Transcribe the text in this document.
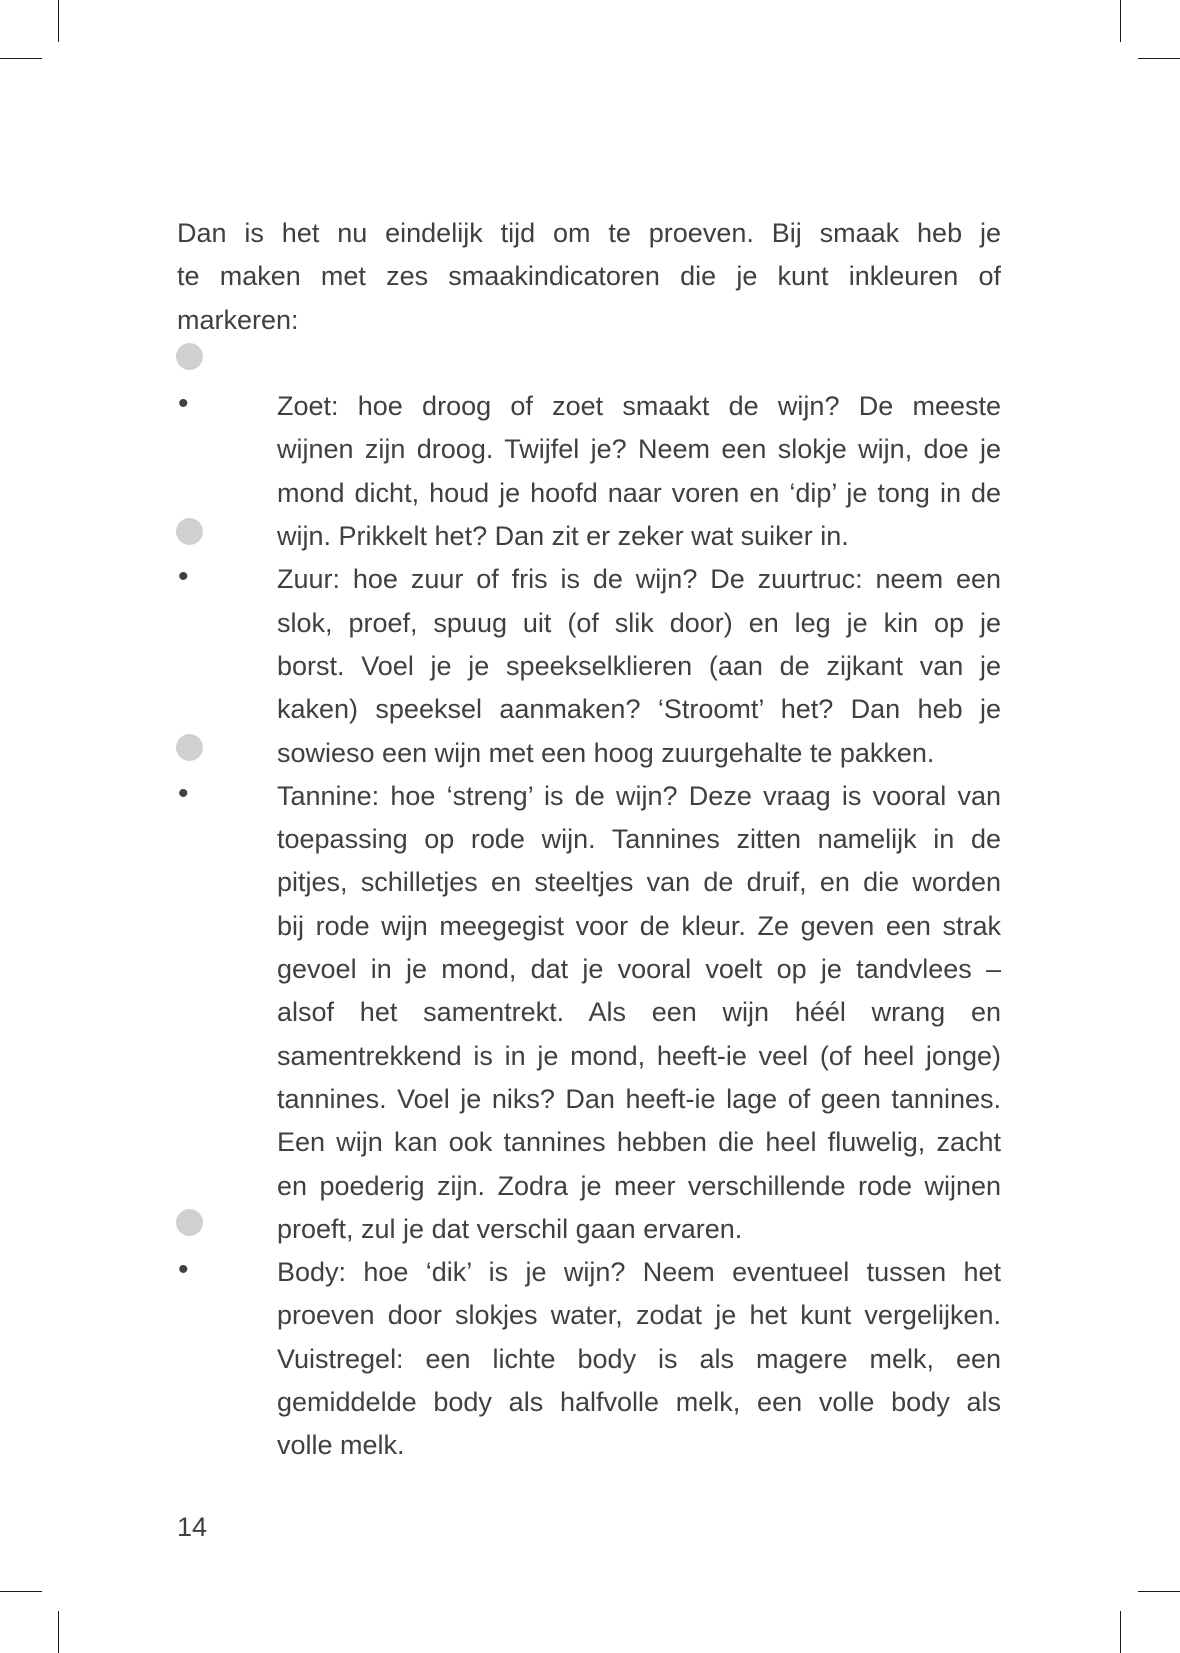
Dan is het nu eindelijk tijd om te proeven. Bij smaak heb je
te maken met zes smaakindicatoren die je kunt inkleuren of
markeren:
•	Zoet: hoe droog of zoet smaakt de wijn? De meeste
wijnen zijn droog. Twijfel je? Neem een slokje wijn, doe je
mond dicht, houd je hoofd naar voren en ‘dip’ je tong in de
wijn. Prikkelt het? Dan zit er zeker wat suiker in.
•	Zuur: hoe zuur of fris is de wijn? De zuurtruc: neem een
slok, proef, spuug uit (of slik door) en leg je kin op je
borst. Voel je je speekselklieren (aan de zijkant van je
kaken) speeksel aanmaken? ‘Stroomt’ het? Dan heb je
sowieso een wijn met een hoog zuurgehalte te pakken.
•	Tannine: hoe ‘streng’ is de wijn? Deze vraag is vooral van
toepassing op rode wijn. Tannines zitten namelijk in de
pitjes, schilletjes en steeltjes van de druif, en die worden
bij rode wijn meegegist voor de kleur. Ze geven een strak
gevoel in je mond, dat je vooral voelt op je tandvlees –
alsof het samentrekt. Als een wijn héél wrang en
samentrekkend is in je mond, heeft-ie veel (of heel jonge)
tannines. Voel je niks? Dan heeft-ie lage of geen tannines.
Een wijn kan ook tannines hebben die heel fluwelig, zacht
en poederig zijn. Zodra je meer verschillende rode wijnen
proeft, zul je dat verschil gaan ervaren.
•	Body: hoe ‘dik’ is je wijn? Neem eventueel tussen het
proeven door slokjes water, zodat je het kunt vergelijken.
Vuistregel: een lichte body is als magere melk, een
gemiddelde body als halfvolle melk, een volle body als
volle melk.
14
